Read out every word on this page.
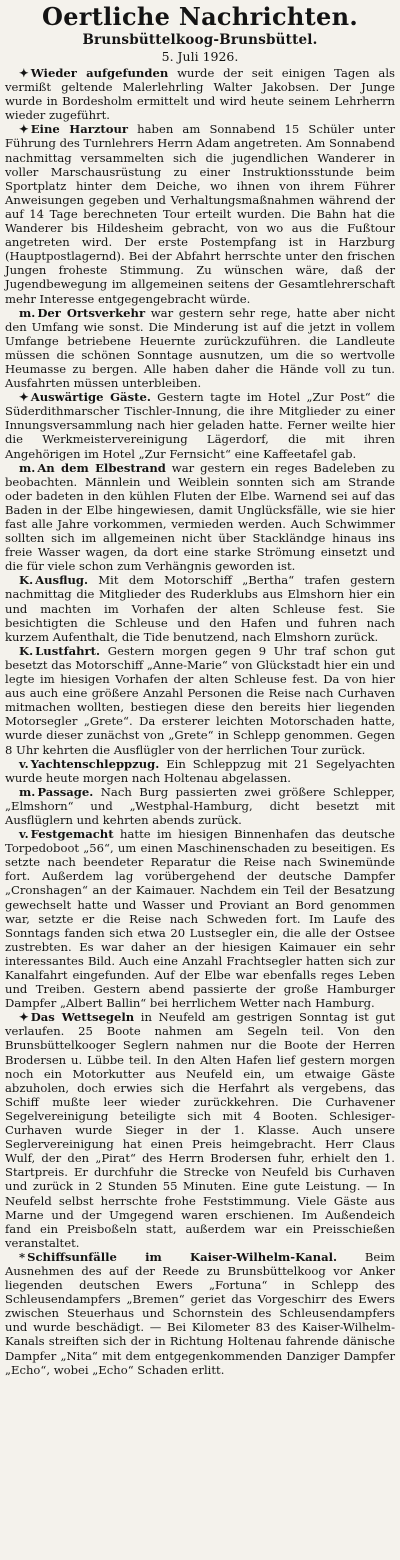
Oertliche Nachrichten.
Brunsbüttelkoog-Brunsbüttel.
5. Juli 1926.

✦ Wieder aufgefunden wurde der seit einigen Tagen als vermißt geltende Malerlehrling Walter Jakobsen. Der Junge wurde in Bordesholm ermittelt und wird heute seinem Lehrherrn wieder zugeführt.

✦ Eine Harztour haben am Sonnabend 15 Schüler unter Führung des Turnlehrers Herrn Adam angetreten. Am Sonnabend nachmittag versammelten sich die jugendlichen Wanderer in voller Marschausrüstung zu einer Instruktionsstunde beim Sportplatz hinter dem Deiche, wo ihnen von ihrem Führer Anweisungen gegeben und Verhaltungsmaßnahmen während der auf 14 Tage berechneten Tour erteilt wurden. Die Bahn hat die Wanderer bis Hildesheim gebracht, von wo aus die Fußtour angetreten wird. Der erste Postempfang ist in Harzburg (Hauptpostlagernd). Bei der Abfahrt herrschte unter den frischen Jungen froheste Stimmung. Zu wünschen wäre, daß der Jugendbewegung im allgemeinen seitens der Gesamtlehrerschaft mehr Interesse entgegengebracht würde.

m. Der Ortsverkehr war gestern sehr rege, hatte aber nicht den Umfang wie sonst. Die Minderung ist auf die jetzt in vollem Umfange betriebene Heuernte zurückzuführen. die Landleute müssen die schönen Sonntage ausnutzen, um die so wertvolle Heumasse zu bergen. Alle haben daher die Hände voll zu tun. Ausfahrten müssen unterbleiben.

✦ Auswärtige Gäste. Gestern tagte im Hotel „Zur Post“ die Süderdithmarscher Tischler-Innung, die ihre Mitglieder zu einer Innungsversammlung nach hier geladen hatte. Ferner weilte hier die Werkmeistervereinigung Lägerdorf, die mit ihren Angehörigen im Hotel „Zur Fernsicht“ eine Kaffeetafel gab.

m. An dem Elbestrand war gestern ein reges Badeleben zu beobachten. Männlein und Weiblein sonnten sich am Strande oder badeten in den kühlen Fluten der Elbe. Warnend sei auf das Baden in der Elbe hingewiesen, damit Unglücksfälle, wie sie hier fast alle Jahre vorkommen, vermieden werden. Auch Schwimmer sollten sich im allgemeinen nicht über Stackländge hinaus ins freie Wasser wagen, da dort eine starke Strömung einsetzt und die für viele schon zum Verhängnis geworden ist.

K. Ausflug. Mit dem Motorschiff „Bertha“ trafen gestern nachmittag die Mitglieder des Ruderklubs aus Elmshorn hier ein und machten im Vorhafen der alten Schleuse fest. Sie besichtigten die Schleuse und den Hafen und fuhren nach kurzem Aufenthalt, die Tide benutzend, nach Elmshorn zurück.

K. Lustfahrt. Gestern morgen gegen 9 Uhr traf schon gut besetzt das Motorschiff „Anne-Marie“ von Glückstadt hier ein und legte im hiesigen Vorhafen der alten Schleuse fest. Da von hier aus auch eine größere Anzahl Personen die Reise nach Curhaven mitmachen wollten, bestiegen diese den bereits hier liegenden Motorsegler „Grete“. Da ersterer leichten Motorschaden hatte, wurde dieser zunächst von „Grete“ in Schlepp genommen. Gegen 8 Uhr kehrten die Ausflügler von der herrlichen Tour zurück.

v. Yachtenschleppzug. Ein Schleppzug mit 21 Segelyachten wurde heute morgen nach Holtenau abgelassen.

m. Passage. Nach Burg passierten zwei größere Schlepper, „Elmshorn“ und „Westphal-Hamburg, dicht besetzt mit Ausflüglern und kehrten abends zurück.

v. Festgemacht hatte im hiesigen Binnenhafen das deutsche Torpedoboot „56“, um einen Maschinenschaden zu beseitigen. Es setzte nach beendeter Reparatur die Reise nach Swinemünde fort. Außerdem lag vorübergehend der deutsche Dampfer „Cronshagen“ an der Kaimauer. Nachdem ein Teil der Besatzung gewechselt hatte und Wasser und Proviant an Bord genommen war, setzte er die Reise nach Schweden fort. Im Laufe des Sonntags fanden sich etwa 20 Lustsegler ein, die alle der Ostsee zustrebten. Es war daher an der hiesigen Kaimauer ein sehr interessantes Bild. Auch eine Anzahl Frachtsegler hatten sich zur Kanalfahrt eingefunden. Auf der Elbe war ebenfalls reges Leben und Treiben. Gestern abend passierte der große Hamburger Dampfer „Albert Ballin“ bei herrlichem Wetter nach Hamburg.

✦ Das Wettsegeln in Neufeld am gestrigen Sonntag ist gut verlaufen. 25 Boote nahmen am Segeln teil. Von den Brunsbüttelkooger Seglern nahmen nur die Boote der Herren Brodersen u. Lübbe teil. In den Alten Hafen lief gestern morgen noch ein Motorkutter aus Neufeld ein, um etwaige Gäste abzuholen, doch erwies sich die Herfahrt als vergebens, das Schiff mußte leer wieder zurückkehren. Die Curhavener Segelvereinigung beteiligte sich mit 4 Booten. Schlesiger-Curhaven wurde Sieger in der 1. Klasse. Auch unsere Seglervereinigung hat einen Preis heimgebracht. Herr Claus Wulf, der den „Pirat“ des Herrn Brodersen fuhr, erhielt den 1. Startpreis. Er durchfuhr die Strecke von Neufeld bis Curhaven und zurück in 2 Stunden 55 Minuten. Eine gute Leistung. — In Neufeld selbst herrschte frohe Feststimmung. Viele Gäste aus Marne und der Umgegend waren erschienen. Im Außendeich fand ein Preisboßeln statt, außerdem war ein Preisschießen veranstaltet.

* Schiffsunfälle im Kaiser-Wilhelm-Kanal. Beim Ausnehmen des auf der Reede zu Brunsbüttelkoog vor Anker liegenden deutschen Ewers „Fortuna“ in Schlepp des Schleusendampfers „Bremen“ geriet das Vorgeschirr des Ewers zwischen Steuerhaus und Schornstein des Schleusendampfers und wurde beschädigt. — Bei Kilometer 83 des Kaiser-Wilhelm-Kanals streiften sich der in Richtung Holtenau fahrende dänische Dampfer „Nita“ mit dem entgegenkommenden Danziger Dampfer „Echo“, wobei „Echo“ Schaden erlitt.
